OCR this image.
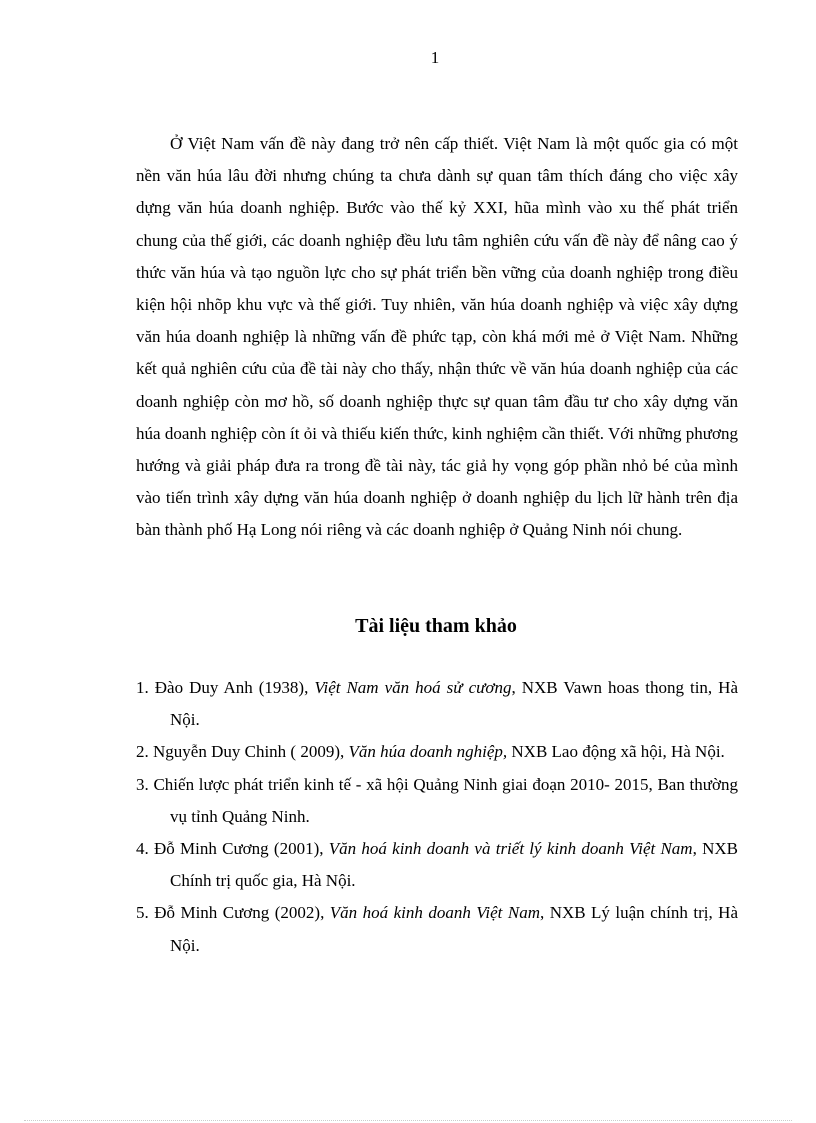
1

Ở Việt Nam vấn đề này đang trở nên cấp thiết. Việt Nam là một quốc gia có một nền văn húa lâu đời nhưng chúng ta chưa dành sự quan tâm thích đáng cho việc xây dựng văn húa doanh nghiệp. Bước vào thế kỷ XXI, hũa mình vào xu thế phát triển chung của thế giới, các doanh nghiệp đều lưu tâm nghiên cứu vấn đề này để nâng cao ý thức văn húa và tạo nguồn lực cho sự phát triển bền vững của doanh nghiệp trong điều kiện hội nhõp khu vực và thế giới. Tuy nhiên, văn húa doanh nghiệp và việc xây dựng văn húa doanh nghiệp là những vấn đề phức tạp, còn khá mới mẻ ở Việt Nam. Những kết quả nghiên cứu của đề tài này cho thấy, nhận thức về văn húa doanh nghiệp của các doanh nghiệp còn mơ hồ, số doanh nghiệp thực sự quan tâm đầu tư cho xây dựng văn húa doanh nghiệp còn ít ỏi và thiếu kiến thức, kinh nghiệm cần thiết. Với những phương hướng và giải pháp đưa ra trong đề tài này, tác giả hy vọng góp phần nhỏ bé của mình vào tiến trình xây dựng văn húa doanh nghiệp ở doanh nghiệp du lịch lữ hành trên địa bàn thành phố Hạ Long nói riêng và các doanh nghiệp ở Quảng Ninh nói chung.

Tài liệu tham khảo
1. Đào Duy Anh (1938), Việt Nam văn hoá sử cương, NXB Vawn hoas thong tin, Hà Nội.
2. Nguyễn Duy Chinh ( 2009), Văn húa doanh nghiệp, NXB Lao động xã hội, Hà Nội.
3. Chiến lược phát triển kinh tế - xã hội Quảng Ninh giai đoạn 2010- 2015, Ban thường vụ tỉnh Quảng Ninh.
4. Đỗ Minh Cương (2001), Văn hoá kinh doanh và triết lý kinh doanh Việt Nam, NXB Chính trị quốc gia, Hà Nội.
5. Đỗ Minh Cương (2002), Văn hoá kinh doanh Việt Nam, NXB Lý luận chính trị, Hà Nội.
